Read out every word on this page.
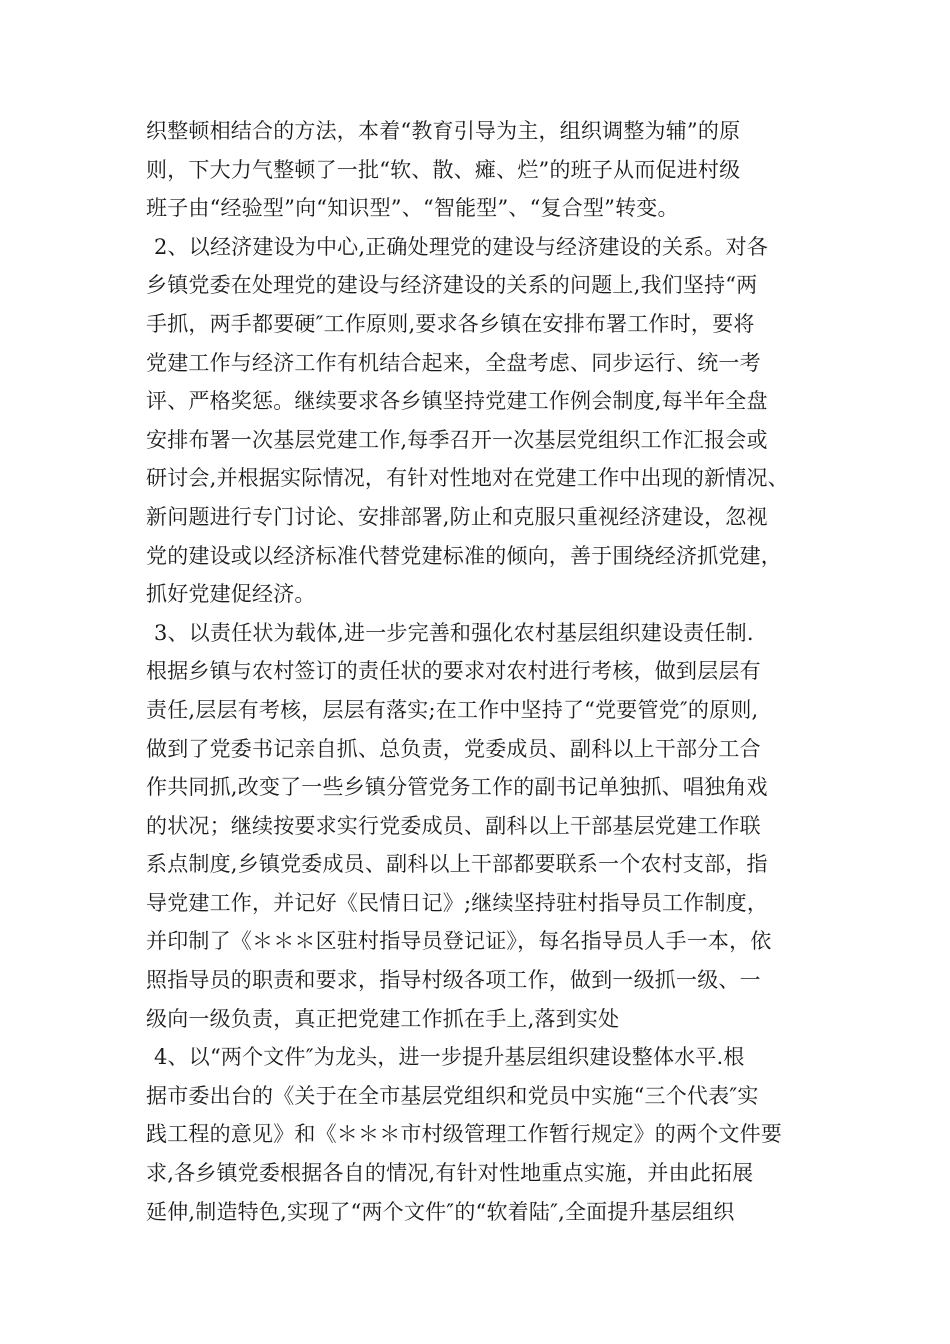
织整顿相结合的方法，本着“教育引导为主，组织调整为辅”的原
则，下大力气整顿了一批“软、散、瘫、烂”的班子从而促进村级
班子由“经验型”向“知识型”、“智能型”、“复合型”转变。
2、以经济建设为中心,正确处理党的建设与经济建设的关系。对各
乡镇党委在处理党的建设与经济建设的关系的问题上,我们坚持“两
手抓，两手都要硬″工作原则,要求各乡镇在安排布署工作时，要将
党建工作与经济工作有机结合起来，全盘考虑、同步运行、统一考
评、严格奖惩。继续要求各乡镇坚持党建工作例会制度,每半年全盘
安排布署一次基层党建工作,每季召开一次基层党组织工作汇报会或
研讨会,并根据实际情况，有针对性地对在党建工作中出现的新情况、
新问题进行专门讨论、安排部署,防止和克服只重视经济建设，忽视
党的建设或以经济标准代替党建标准的倾向，善于围绕经济抓党建，
抓好党建促经济。
3、以责任状为载体,进一步完善和强化农村基层组织建设责任制.
根据乡镇与农村签订的责任状的要求对农村进行考核，做到层层有
责任,层层有考核，层层有落实;在工作中坚持了“党要管党″的原则,
做到了党委书记亲自抓、总负责，党委成员、副科以上干部分工合
作共同抓,改变了一些乡镇分管党务工作的副书记单独抓、唱独角戏
的状况；继续按要求实行党委成员、副科以上干部基层党建工作联
系点制度,乡镇党委成员、副科以上干部都要联系一个农村支部，指
导党建工作，并记好《民情日记》;继续坚持驻村指导员工作制度，
并印制了《＊＊＊区驻村指导员登记证》，每名指导员人手一本，依
照指导员的职责和要求，指导村级各项工作，做到一级抓一级、一
级向一级负责，真正把党建工作抓在手上,落到实处
4、以“两个文件″为龙头，进一步提升基层组织建设整体水平.根
据市委出台的《关于在全市基层党组织和党员中实施“三个代表″实
践工程的意见》和《＊＊＊市村级管理工作暂行规定》的两个文件要
求,各乡镇党委根据各自的情况,有针对性地重点实施，并由此拓展
延伸,制造特色,实现了“两个文件″的“软着陆″,全面提升基层组织
